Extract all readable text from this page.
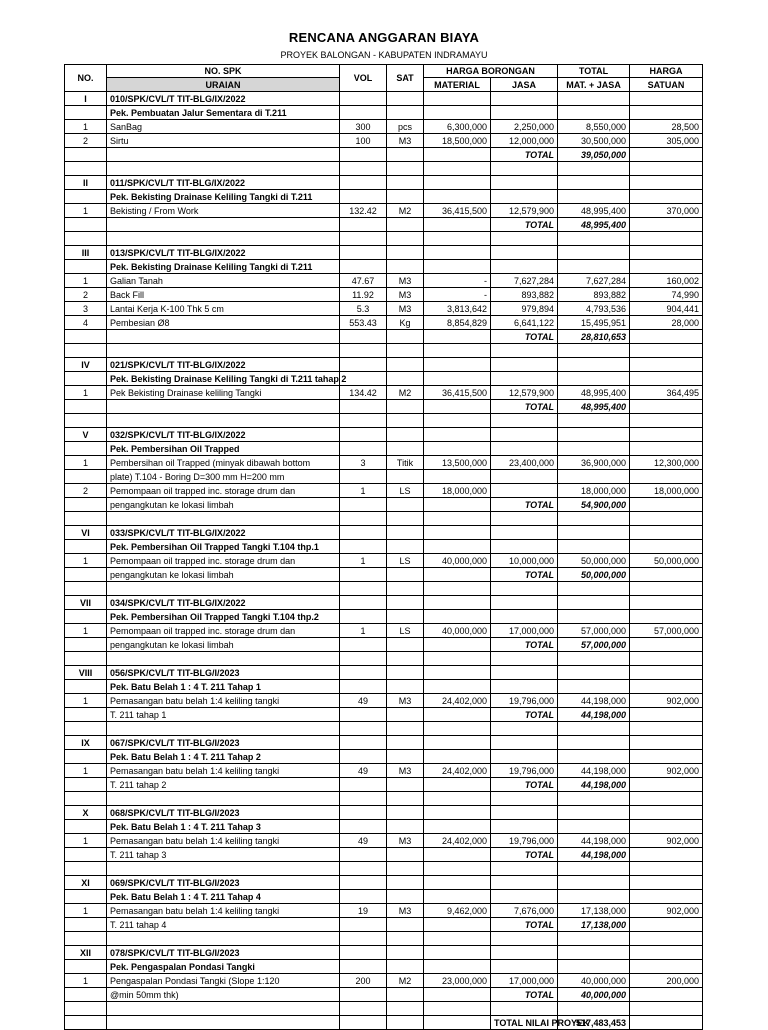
RENCANA ANGGARAN BIAYA
PROYEK BALONGAN - KABUPATEN INDRAMAYU
NO.	NO. SPK	VOL	SAT	HARGA BORONGAN		TOTAL	HARGA
	URAIAN			MATERIAL	JASA	MAT. + JASA	SATUAN
I	010/SPK/CVL/T TIT-BLG/IX/2022						
	Pek. Pembuatan Jalur Sementara di T.211						
1	SanBag	300	pcs	6,300,000	2,250,000	8,550,000	28,500
2	Sirtu	100	M3	18,500,000	12,000,000	30,500,000	305,000
					TOTAL	39,050,000	

II	011/SPK/CVL/T TIT-BLG/IX/2022						
	Pek. Bekisting Drainase Keliling Tangki di T.211						
1	Bekisting / From Work	132.42	M2	36,415,500	12,579,900	48,995,400	370,000
					TOTAL	48,995,400	

III	013/SPK/CVL/T TIT-BLG/IX/2022						
	Pek. Bekisting Drainase Keliling Tangki di T.211						
1	Galian Tanah	47.67	M3	-	7,627,284	7,627,284	160,002
2	Back Fill	11.92	M3	-	893,882	893,882	74,990
3	Lantai Kerja K-100 Thk 5 cm	5.3	M3	3,813,642	979,894	4,793,536	904,441
4	Pembesian Ø8	553.43	Kg	8,854,829	6,641,122	15,495,951	28,000
					TOTAL	28,810,653	

IV	021/SPK/CVL/T TIT-BLG/IX/2022						
	Pek. Bekisting Drainase Keliling Tangki di T.211 tahap 2						
1	Pek Bekisting Drainase keliling Tangki	134.42	M2	36,415,500	12,579,900	48,995,400	364,495
					TOTAL	48,995,400	

V	032/SPK/CVL/T TIT-BLG/IX/2022						
	Pek. Pembersihan Oil Trapped						
1	Pembersihan oil Trapped (minyak dibawah bottom	3	Titik	13,500,000	23,400,000	36,900,000	12,300,000
	plate) T.104 - Boring D=300 mm H=200 mm						
2	Pemompaan oil trapped inc. storage drum dan	1	LS	18,000,000		18,000,000	18,000,000
	pengangkutan ke lokasi limbah				TOTAL	54,900,000	

VI	033/SPK/CVL/T TIT-BLG/IX/2022						
	Pek. Pembersihan Oil Trapped Tangki T.104 thp.1						
1	Pemompaan oil trapped inc. storage drum dan	1	LS	40,000,000	10,000,000	50,000,000	50,000,000
	pengangkutan ke lokasi limbah				TOTAL	50,000,000	

VII	034/SPK/CVL/T TIT-BLG/IX/2022						
	Pek. Pembersihan Oil Trapped Tangki T.104 thp.2						
1	Pemompaan oil trapped inc. storage drum dan	1	LS	40,000,000	17,000,000	57,000,000	57,000,000
	pengangkutan ke lokasi limbah				TOTAL	57,000,000	

VIII	056/SPK/CVL/T TIT-BLG/I/2023						
	Pek. Batu Belah 1 : 4 T. 211 Tahap 1						
1	Pemasangan batu belah 1:4 keliling tangki	49	M3	24,402,000	19,796,000	44,198,000	902,000
	T. 211 tahap 1				TOTAL	44,198,000	

IX	067/SPK/CVL/T TIT-BLG/I/2023						
	Pek. Batu Belah 1 : 4 T. 211 Tahap 2						
1	Pemasangan batu belah 1:4 keliling tangki	49	M3	24,402,000	19,796,000	44,198,000	902,000
	T. 211 tahap 2				TOTAL	44,198,000	

X	068/SPK/CVL/T TIT-BLG/I/2023						
	Pek. Batu Belah 1 : 4 T. 211 Tahap 3						
1	Pemasangan batu belah 1:4 keliling tangki	49	M3	24,402,000	19,796,000	44,198,000	902,000
	T. 211 tahap 3				TOTAL	44,198,000	

XI	069/SPK/CVL/T TIT-BLG/I/2023						
	Pek. Batu Belah 1 : 4 T. 211 Tahap 4						
1	Pemasangan batu belah 1:4 keliling tangki	19	M3	9,462,000	7,676,000	17,138,000	902,000
	T. 211 tahap 4				TOTAL	17,138,000	

XII	078/SPK/CVL/T TIT-BLG/I/2023						
	Pek. Pengaspalan Pondasi Tangki						
1	Pengaspalan Pondasi Tangki (Slope 1:120	200	M2	23,000,000	17,000,000	40,000,000	200,000
	@min 50mm thk)				TOTAL	40,000,000	

					TOTAL NILAI PROYEK	517,483,453	
